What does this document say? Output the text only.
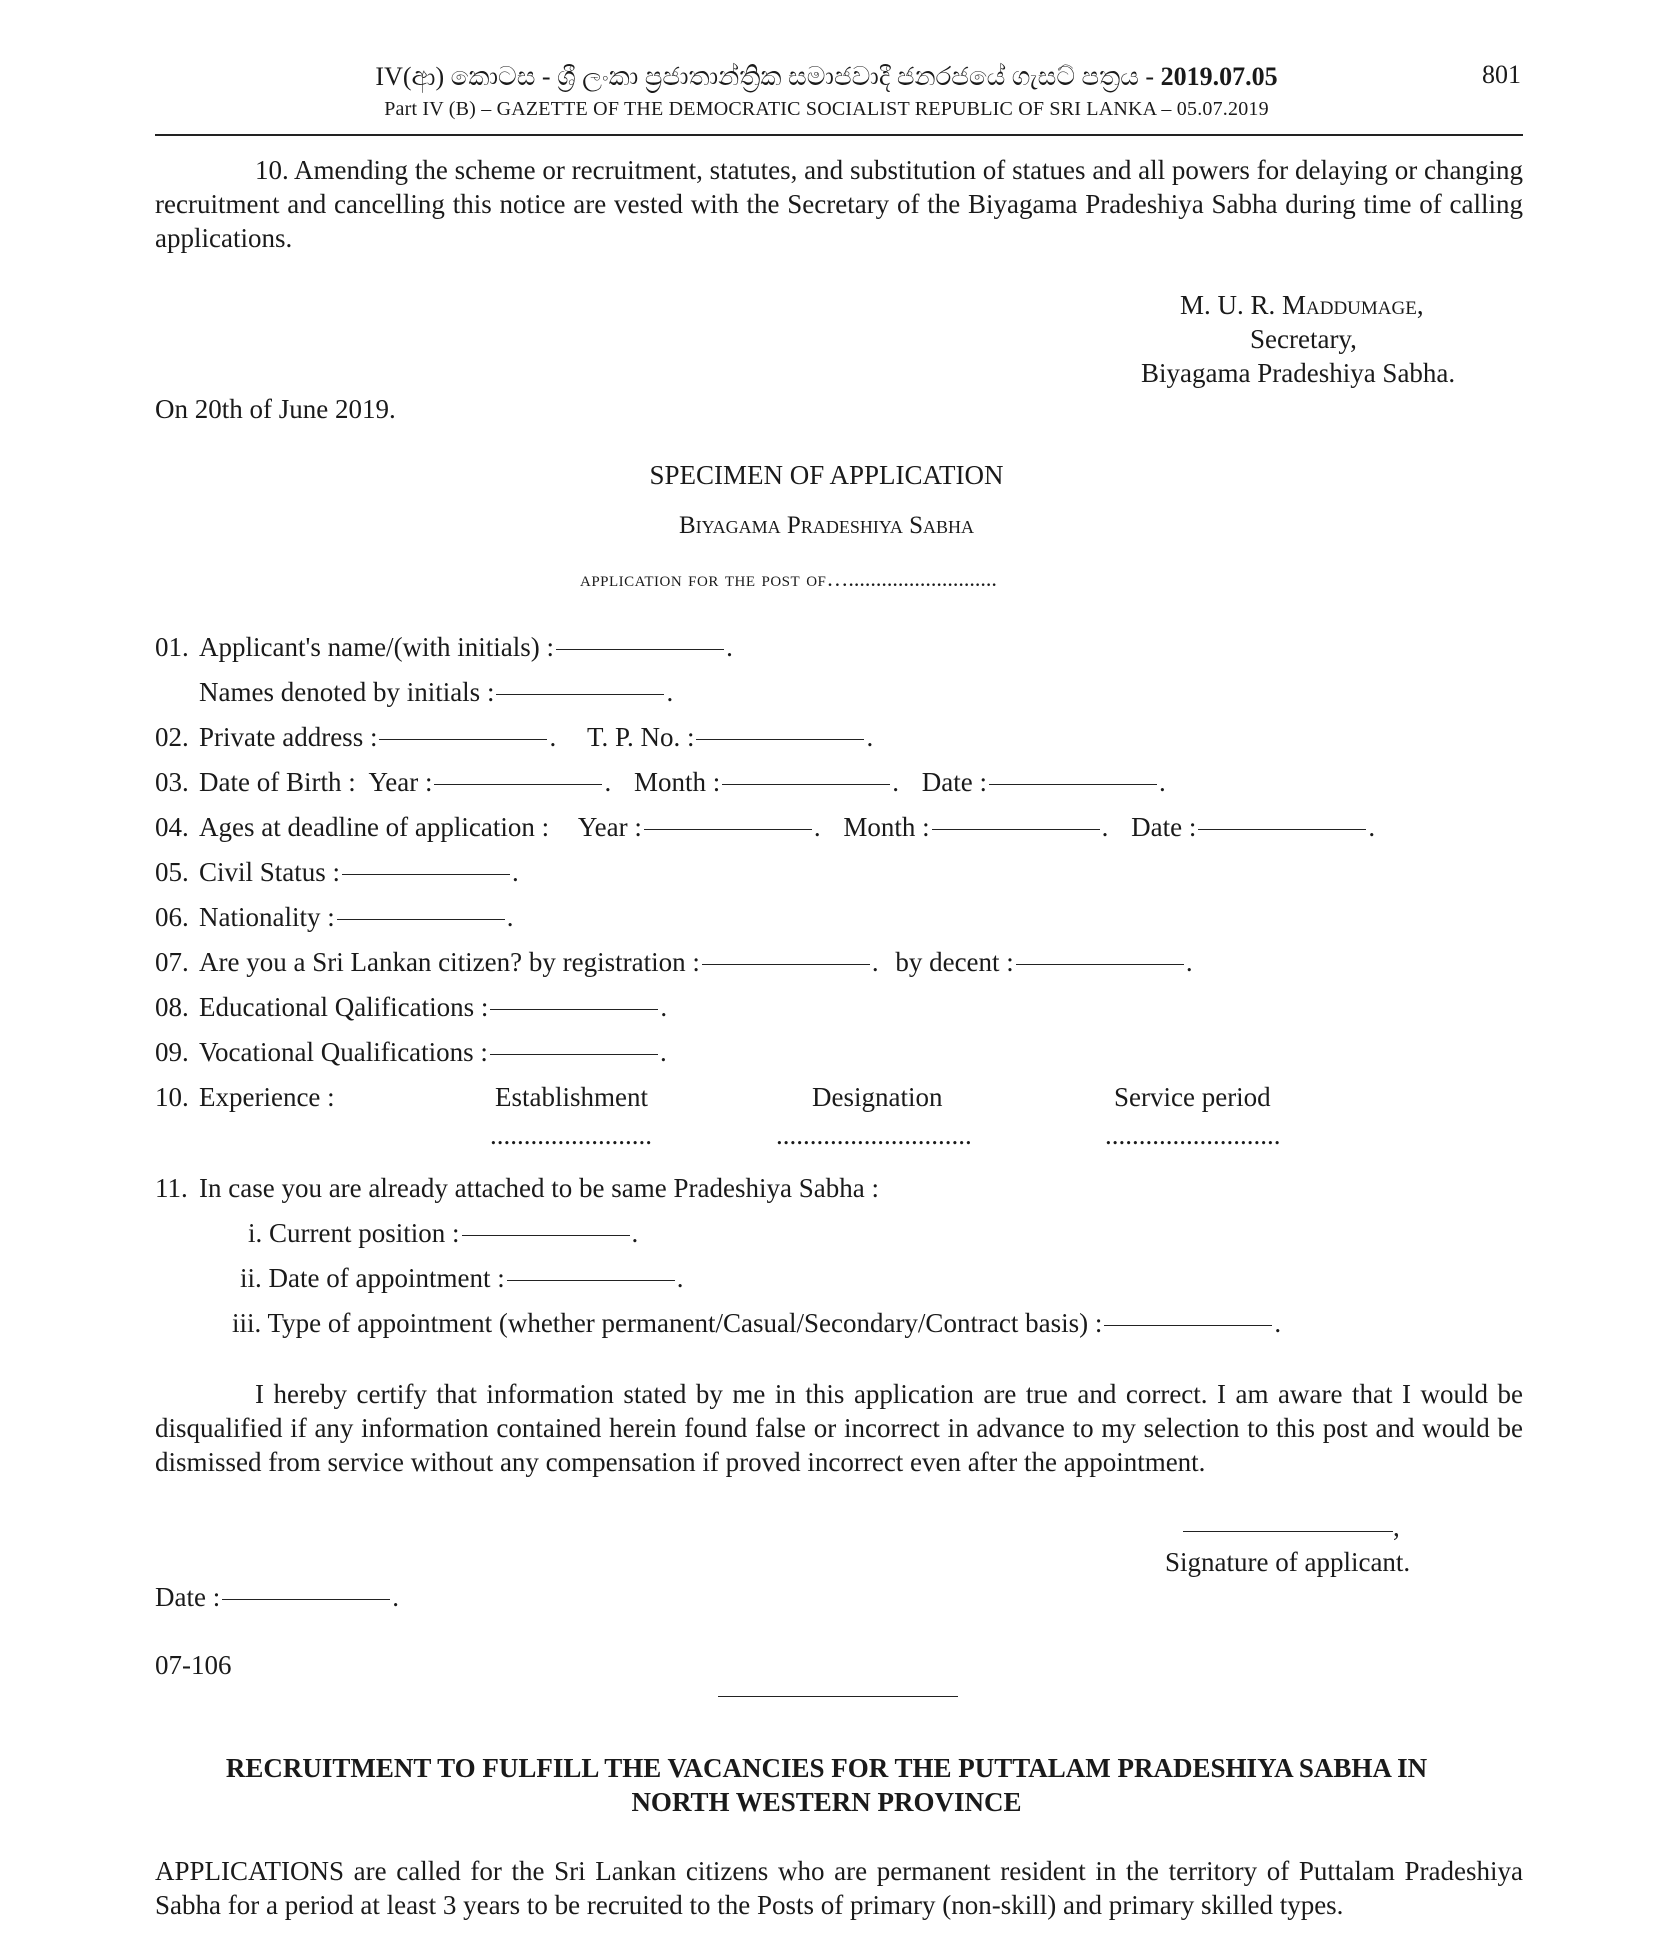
IV(ආ) කොටස - ශ්‍රී ලංකා ප්‍රජාතාන්ත්‍රික සමාජවාදී ජනරජයේ ගැසට් පත්‍රය - 2019.07.05
Part IV (B) – GAZETTE OF THE DEMOCRATIC SOCIALIST REPUBLIC OF SRI LANKA – 05.07.2019
801
10. Amending the scheme or recruitment, statutes, and substitution of statues and all powers for delaying or changing recruitment and cancelling this notice are vested with the Secretary of the Biyagama Pradeshiya Sabha during time of calling applications.
M. U. R. Maddumage,
Secretary,
Biyagama Pradeshiya Sabha.
On 20th of June 2019.
SPECIMEN OF APPLICATION
Biyagama Pradeshiya Sabha
application for the post of…...........................
01. Applicant's name/(with initials) :	.
Names denoted by initials :	.
02. Private address :	. T. P. No. :	.
03. Date of Birth : Year :	. Month :	. Date :	.
04. Ages at deadline of application : Year :	. Month :	. Date :	.
05. Civil Status :	.
06. Nationality :	.
07. Are you a Sri Lankan citizen? by registration :	. by decent :	.
08. Educational Qalifications :	.
09. Vocational Qualifications :	.
10. Experience :	Establishment	Designation	Service period
........................	.............................	..........................
11. In case you are already attached to be same Pradeshiya Sabha :
i. Current position :	.
ii. Date of appointment :	.
iii. Type of appointment (whether permanent/Casual/Secondary/Contract basis) :	.
I hereby certify that information stated by me in this application are true and correct. I am aware that I would be disqualified if any information contained herein found false or incorrect in advance to my selection to this post and would be dismissed from service without any compensation if proved incorrect even after the appointment.
,
Signature of applicant.
Date :	.
07-106
RECRUITMENT TO FULFILL THE VACANCIES FOR THE PUTTALAM PRADESHIYA SABHA IN
NORTH WESTERN PROVINCE
APPLICATIONS are called for the Sri Lankan citizens who are permanent resident in the territory of Puttalam Pradeshiya Sabha for a period at least 3 years to be recruited to the Posts of primary (non-skill) and primary skilled types.
